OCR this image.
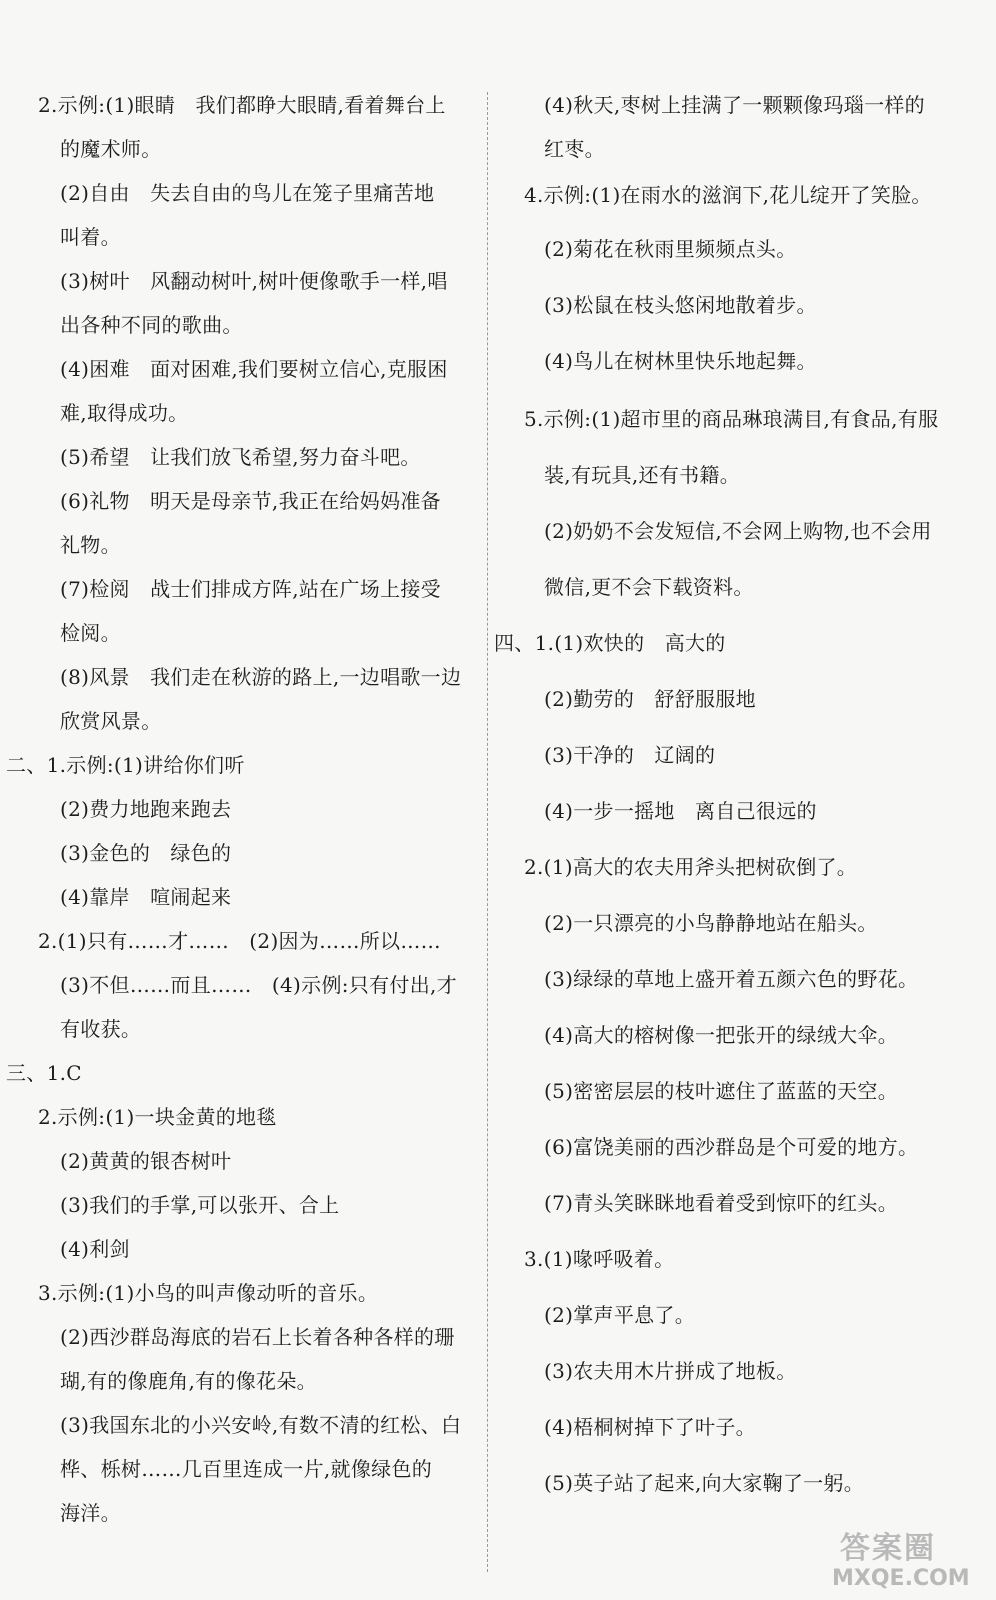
2.示例:(1)眼睛　我们都睁大眼睛,看着舞台上
的魔术师。
(2)自由　失去自由的鸟儿在笼子里痛苦地
叫着。
(3)树叶　风翻动树叶,树叶便像歌手一样,唱
出各种不同的歌曲。
(4)困难　面对困难,我们要树立信心,克服困
难,取得成功。
(5)希望　让我们放飞希望,努力奋斗吧。
(6)礼物　明天是母亲节,我正在给妈妈准备
礼物。
(7)检阅　战士们排成方阵,站在广场上接受
检阅。
(8)风景　我们走在秋游的路上,一边唱歌一边
欣赏风景。
二、1.示例:(1)讲给你们听
(2)费力地跑来跑去
(3)金色的　绿色的
(4)靠岸　喧闹起来
2.(1)只有……才……　(2)因为……所以……
(3)不但……而且……　(4)示例:只有付出,才
有收获。
三、1.C
2.示例:(1)一块金黄的地毯
(2)黄黄的银杏树叶
(3)我们的手掌,可以张开、合上
(4)利剑
3.示例:(1)小鸟的叫声像动听的音乐。
(2)西沙群岛海底的岩石上长着各种各样的珊
瑚,有的像鹿角,有的像花朵。
(3)我国东北的小兴安岭,有数不清的红松、白
桦、栎树……几百里连成一片,就像绿色的
海洋。
(4)秋天,枣树上挂满了一颗颗像玛瑙一样的
红枣。
4.示例:(1)在雨水的滋润下,花儿绽开了笑脸。
(2)菊花在秋雨里频频点头。
(3)松鼠在枝头悠闲地散着步。
(4)鸟儿在树林里快乐地起舞。
5.示例:(1)超市里的商品琳琅满目,有食品,有服
装,有玩具,还有书籍。
(2)奶奶不会发短信,不会网上购物,也不会用
微信,更不会下载资料。
四、1.(1)欢快的　高大的
(2)勤劳的　舒舒服服地
(3)干净的　辽阔的
(4)一步一摇地　离自己很远的
2.(1)高大的农夫用斧头把树砍倒了。
(2)一只漂亮的小鸟静静地站在船头。
(3)绿绿的草地上盛开着五颜六色的野花。
(4)高大的榕树像一把张开的绿绒大伞。
(5)密密层层的枝叶遮住了蓝蓝的天空。
(6)富饶美丽的西沙群岛是个可爱的地方。
(7)青头笑眯眯地看着受到惊吓的红头。
3.(1)喙呼吸着。
(2)掌声平息了。
(3)农夫用木片拼成了地板。
(4)梧桐树掉下了叶子。
(5)英子站了起来,向大家鞠了一躬。
答案圈
MXQE.COM
